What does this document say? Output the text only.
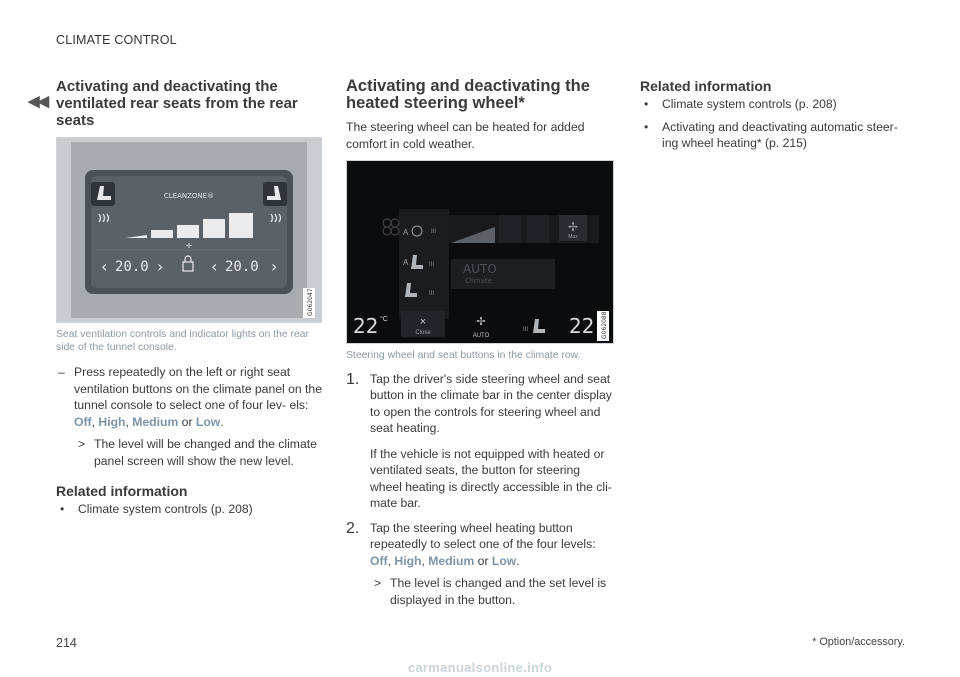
CLIMATE CONTROL
◀◀
Activating and deactivating the ventilated rear seats from the rear seats
CLEANZONE®
✢
‹ 20.0 ›	‹ 20.0 ›
G062047

Seat ventilation controls and indicator lights on the rear side of the tunnel console.

– Press repeatedly on the left or right seat ventilation buttons on the climate panel on the tunnel console to select one of four lev- els: Off, High, Medium or Low.

> The level will be changed and the climate panel screen will show the new level.

Related information

• Climate system controls (p. 208)

Activating and deactivating the heated steering wheel*

The steering wheel can be heated for added comfort in cold weather.

✢
Max
A	III
A	III
III
AUTO
Climate
22 °C	×
Close
✢
AUTO
III 22 G062088

Steering wheel and seat buttons in the climate row.

1. Tap the driver's side steering wheel and seat button in the climate bar in the center display to open the controls for steering wheel and seat heating.

If the vehicle is not equipped with heated or ventilated seats, the button for steering wheel heating is directly accessible in the cli- mate bar.

2. Tap the steering wheel heating button repeatedly to select one of the four levels:
Off, High, Medium or Low.

> The level is changed and the set level is displayed in the button.

Related information

• Climate system controls (p. 208)

• Activating and deactivating automatic steer- ing wheel heating* (p. 215)

214	* Option/accessory.
carmanualsonline.info
